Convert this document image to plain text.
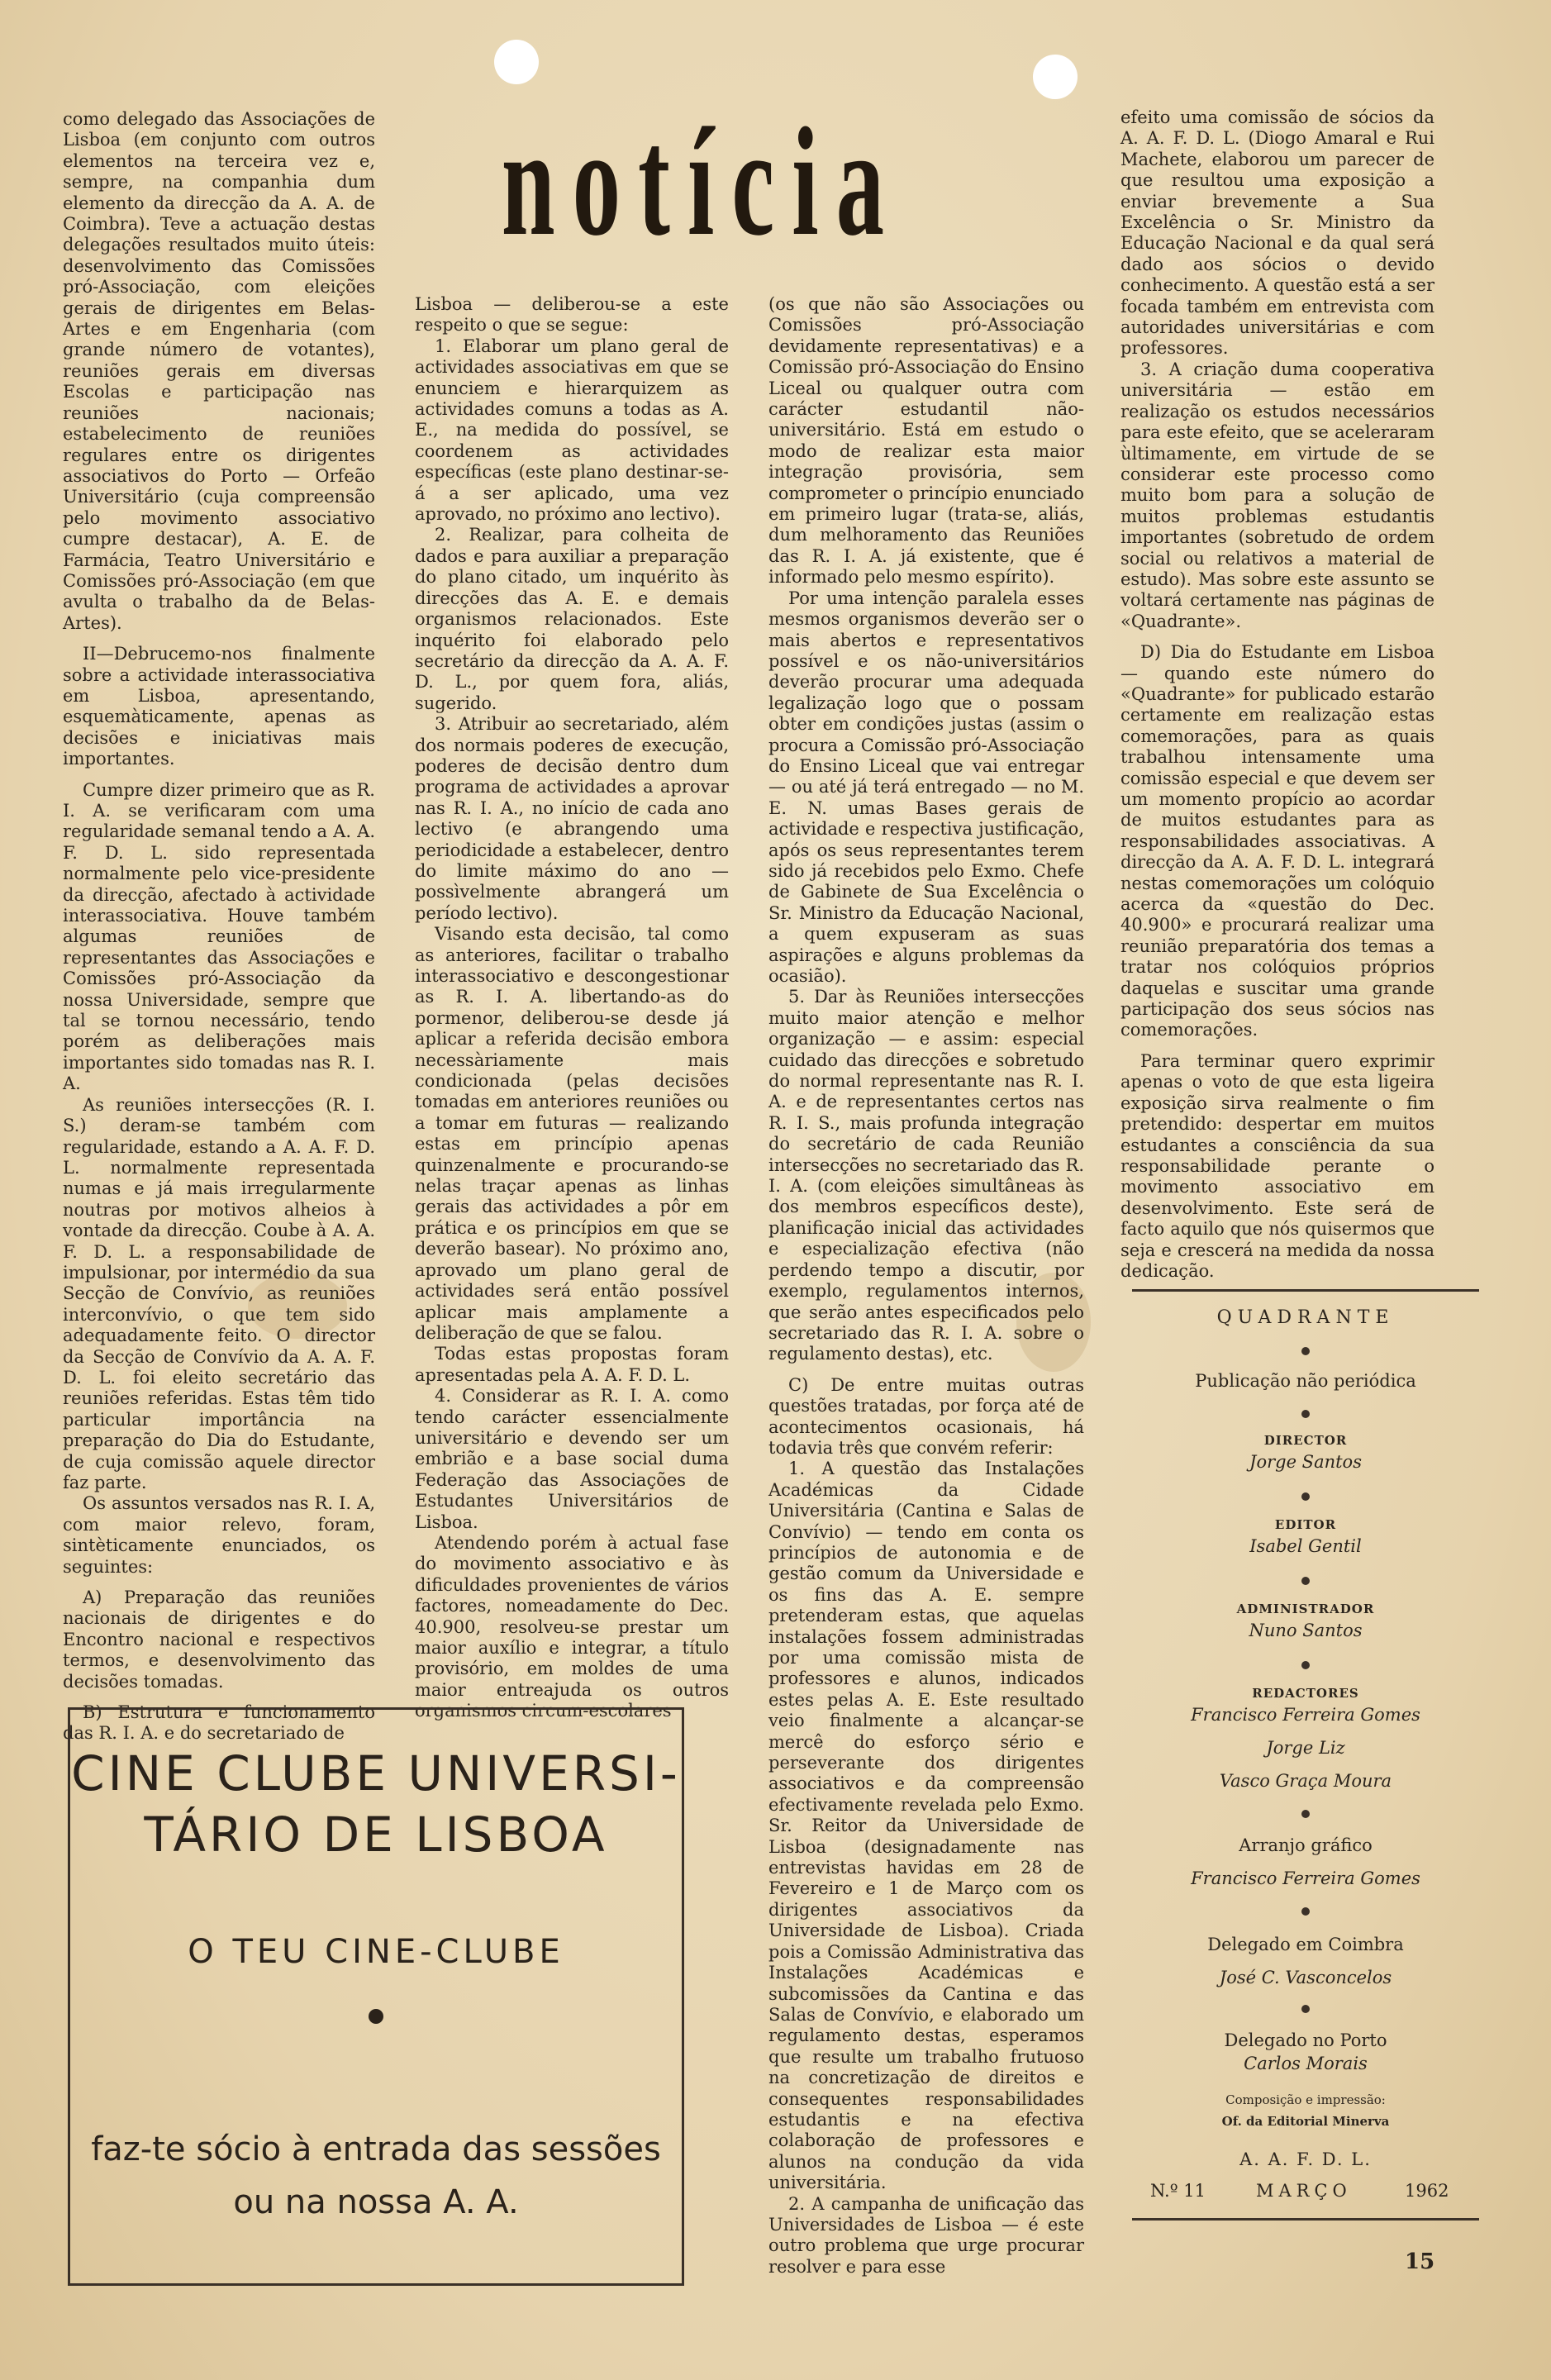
notícia

como delegado das Associações de Lisboa (em conjunto com outros elementos na terceira vez e, sempre, na companhia dum elemento da direcção da A. A. de Coimbra). Teve a actuação destas delegações resultados muito úteis: desenvolvimento das Comissões pró-Associação, com eleições gerais de dirigentes em Belas-Artes e em Engenharia (com grande número de votantes), reuniões gerais em diversas Escolas e participação nas reuniões nacionais; estabelecimento de reuniões regulares entre os dirigentes associativos do Porto — Orfeão Universitário (cuja compreensão pelo movimento associativo cumpre destacar), A. E. de Farmácia, Teatro Universitário e Comissões pró-Associação (em que avulta o trabalho da de Belas-Artes).

II—Debrucemo-nos finalmente sobre a actividade interassociativa em Lisboa, apresentando, esquemàticamente, apenas as decisões e iniciativas mais importantes.

Cumpre dizer primeiro que as R. I. A. se verificaram com uma regularidade semanal tendo a A. A. F. D. L. sido representada normalmente pelo vice-presidente da direcção, afectado à actividade interassociativa. Houve também algumas reuniões de representantes das Associações e Comissões pró-Associação da nossa Universidade, sempre que tal se tornou necessário, tendo porém as deliberações mais importantes sido tomadas nas R. I. A.

As reuniões intersecções (R. I. S.) deram-se também com regularidade, estando a A. A. F. D. L. normalmente representada numas e já mais irregularmente noutras por motivos alheios à vontade da direcção. Coube à A. A. F. D. L. a responsabilidade de impulsionar, por intermédio da sua Secção de Convívio, as reuniões interconvívio, o que tem sido adequadamente feito. O director da Secção de Convívio da A. A. F. D. L. foi eleito secretário das reuniões referidas. Estas têm tido particular importância na preparação do Dia do Estudante, de cuja comissão aquele director faz parte.

Os assuntos versados nas R. I. A, com maior relevo, foram, sintèticamente enunciados, os seguintes:

A) Preparação das reuniões nacionais de dirigentes e do Encontro nacional e respectivos termos, e desenvolvimento das decisões tomadas.

B) Estrutura e funcionamento das R. I. A. e do secretariado de

Lisboa — deliberou-se a este respeito o que se segue:

1. Elaborar um plano geral de actividades associativas em que se enunciem e hierarquizem as actividades comuns a todas as A. E., na medida do possível, se coordenem as actividades específicas (este plano destinar-se-á a ser aplicado, uma vez aprovado, no próximo ano lectivo).

2. Realizar, para colheita de dados e para auxiliar a preparação do plano citado, um inquérito às direcções das A. E. e demais organismos relacionados. Este inquérito foi elaborado pelo secretário da direcção da A. A. F. D. L., por quem fora, aliás, sugerido.

3. Atribuir ao secretariado, além dos normais poderes de execução, poderes de decisão dentro dum programa de actividades a aprovar nas R. I. A., no início de cada ano lectivo (e abrangendo uma periodicidade a estabelecer, dentro do limite máximo do ano — possìvelmente abrangerá um período lectivo).

Visando esta decisão, tal como as anteriores, facilitar o trabalho interassociativo e descongestionar as R. I. A. libertando-as do pormenor, deliberou-se desde já aplicar a referida decisão embora necessàriamente mais condicionada (pelas decisões tomadas em anteriores reuniões ou a tomar em futuras — realizando estas em princípio apenas quinzenalmente e procurando-se nelas traçar apenas as linhas gerais das actividades a pôr em prática e os princípios em que se deverão basear). No próximo ano, aprovado um plano geral de actividades será então possível aplicar mais amplamente a deliberação de que se falou.

Todas estas propostas foram apresentadas pela A. A. F. D. L.

4. Considerar as R. I. A. como tendo carácter essencialmente universitário e devendo ser um embrião e a base social duma Federação das Associações de Estudantes Universitários de Lisboa.

Atendendo porém à actual fase do movimento associativo e às dificuldades provenientes de vários factores, nomeadamente do Dec. 40.900, resolveu-se prestar um maior auxílio e integrar, a título provisório, em moldes de uma maior entreajuda os outros organismos circum-escolares

(os que não são Associações ou Comissões pró-Associação devidamente representativas) e a Comissão pró-Associação do Ensino Liceal ou qualquer outra com carácter estudantil não-universitário. Está em estudo o modo de realizar esta maior integração provisória, sem comprometer o princípio enunciado em primeiro lugar (trata-se, aliás, dum melhoramento das Reuniões das R. I. A. já existente, que é informado pelo mesmo espírito).

Por uma intenção paralela esses mesmos organismos deverão ser o mais abertos e representativos possível e os não-universitários deverão procurar uma adequada legalização logo que o possam obter em condições justas (assim o procura a Comissão pró-Associação do Ensino Liceal que vai entregar — ou até já terá entregado — no M. E. N. umas Bases gerais de actividade e respectiva justificação, após os seus representantes terem sido já recebidos pelo Exmo. Chefe de Gabinete de Sua Excelência o Sr. Ministro da Educação Nacional, a quem expuseram as suas aspirações e alguns problemas da ocasião).

5. Dar às Reuniões intersecções muito maior atenção e melhor organização — e assim: especial cuidado das direcções e sobretudo do normal representante nas R. I. A. e de representantes certos nas R. I. S., mais profunda integração do secretário de cada Reunião intersecções no secretariado das R. I. A. (com eleições simultâneas às dos membros específicos deste), planificação inicial das actividades e especialização efectiva (não perdendo tempo a discutir, por exemplo, regulamentos internos, que serão antes especificados pelo secretariado das R. I. A. sobre o regulamento destas), etc.

C) De entre muitas outras questões tratadas, por força até de acontecimentos ocasionais, há todavia três que convém referir:

1. A questão das Instalações Académicas da Cidade Universitária (Cantina e Salas de Convívio) — tendo em conta os princípios de autonomia e de gestão comum da Universidade e os fins das A. E. sempre pretenderam estas, que aquelas instalações fossem administradas por uma comissão mista de professores e alunos, indicados estes pelas A. E. Este resultado veio finalmente a alcançar-se mercê do esforço sério e perseverante dos dirigentes associativos e da compreensão efectivamente revelada pelo Exmo. Sr. Reitor da Universidade de Lisboa (designadamente nas entrevistas havidas em 28 de Fevereiro e 1 de Março com os dirigentes associativos da Universidade de Lisboa). Criada pois a Comissão Administrativa das Instalações Académicas e subcomissões da Cantina e das Salas de Convívio, e elaborado um regulamento destas, esperamos que resulte um trabalho frutuoso na concretização de direitos e consequentes responsabilidades estudantis e na efectiva colaboração de professores e alunos na condução da vida universitária.

2. A campanha de unificação das Universidades de Lisboa — é este outro problema que urge procurar resolver e para esse

efeito uma comissão de sócios da A. A. F. D. L. (Diogo Amaral e Rui Machete, elaborou um parecer de que resultou uma exposição a enviar brevemente a Sua Excelência o Sr. Ministro da Educação Nacional e da qual será dado aos sócios o devido conhecimento. A questão está a ser focada também em entrevista com autoridades universitárias e com professores.

3. A criação duma cooperativa universitária — estão em realização os estudos necessários para este efeito, que se aceleraram ùltimamente, em virtude de se considerar este processo como muito bom para a solução de muitos problemas estudantis importantes (sobretudo de ordem social ou relativos a material de estudo). Mas sobre este assunto se voltará certamente nas páginas de «Quadrante».

D) Dia do Estudante em Lisboa — quando este número do «Quadrante» for publicado estarão certamente em realização estas comemorações, para as quais trabalhou intensamente uma comissão especial e que devem ser um momento propício ao acordar de muitos estudantes para as responsabilidades associativas. A direcção da A. A. F. D. L. integrará nestas comemorações um colóquio acerca da «questão do Dec. 40.900» e procurará realizar uma reunião preparatória dos temas a tratar nos colóquios próprios daquelas e suscitar uma grande participação dos seus sócios nas comemorações.

Para terminar quero exprimir apenas o voto de que esta ligeira exposição sirva realmente o fim pretendido: despertar em muitos estudantes a consciência da sua responsabilidade perante o movimento associativo em desenvolvimento. Este será de facto aquilo que nós quisermos que seja e crescerá na medida da nossa dedicação.

CINE CLUBE UNIVERSI-
TÁRIO DE LISBOA
O TEU CINE-CLUBE
faz-te sócio à entrada das sessões
ou na nossa A. A.
QUADRANTE
Publicação não periódica
DIRECTOR
Jorge Santos
EDITOR
Isabel Gentil
ADMINISTRADOR
Nuno Santos
REDACTORES
Francisco Ferreira Gomes
Jorge Liz
Vasco Graça Moura
Arranjo gráfico
Francisco Ferreira Gomes
Delegado em Coimbra
José C. Vasconcelos
Delegado no Porto
Carlos Morais
Composição e impressão:
Of. da Editorial Minerva
A. A. F. D. L.
N.º 11	MARÇO	1962
15
